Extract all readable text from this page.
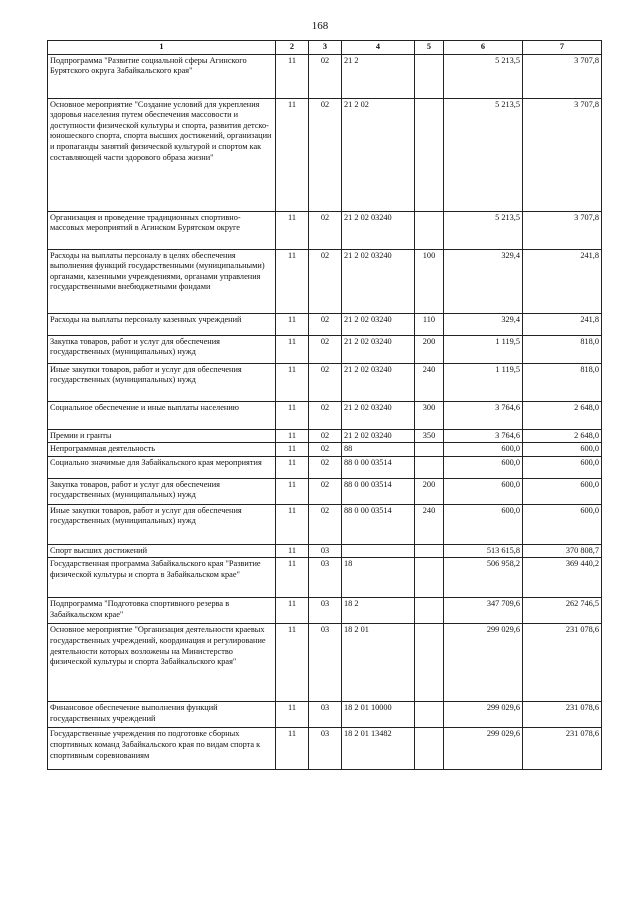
168
1	2	3	4	5	6	7
Подпрограмма "Развитие социальной сферы Агинского Бурятского округа Забайкальского края"	11	02	21 2		5 213,5	3 707,8
Основное мероприятие "Создание условий для укрепления здоровья населения путем обеспечения массовости и доступности физической культуры и спорта, развития детско-юношеского спорта, спорта высших достижений, организации и пропаганды занятий физической культурой и спортом как составляющей части здорового образа жизни"	11	02	21 2 02		5 213,5	3 707,8
Организация и проведение традиционных спортивно-массовых мероприятий в Агинском Бурятском округе	11	02	21 2 02 03240		5 213,5	3 707,8
Расходы на выплаты персоналу в целях обеспечения выполнения функций государственными (муниципальными) органами, казенными учреждениями, органами управления государственными внебюджетными фондами	11	02	21 2 02 03240	100	329,4	241,8
Расходы на выплаты персоналу казенных учреждений	11	02	21 2 02 03240	110	329,4	241,8
Закупка товаров, работ и услуг для обеспечения государственных (муниципальных) нужд	11	02	21 2 02 03240	200	1 119,5	818,0
Иные закупки товаров, работ и услуг для обеспечения государственных (муниципальных) нужд	11	02	21 2 02 03240	240	1 119,5	818,0
Социальное обеспечение и иные выплаты населению	11	02	21 2 02 03240	300	3 764,6	2 648,0
Премии и гранты	11	02	21 2 02 03240	350	3 764,6	2 648,0
Непрограммная деятельность	11	02	88		600,0	600,0
Социально значимые для Забайкальского края мероприятия	11	02	88 0 00 03514		600,0	600,0
Закупка товаров, работ и услуг для обеспечения государственных (муниципальных) нужд	11	02	88 0 00 03514	200	600,0	600,0
Иные закупки товаров, работ и услуг для обеспечения государственных (муниципальных) нужд	11	02	88 0 00 03514	240	600,0	600,0
Спорт высших достижений	11	03			513 615,8	370 808,7
Государственная программа Забайкальского края "Развитие физической культуры и спорта в Забайкальском крае"	11	03	18		506 958,2	369 440,2
Подпрограмма "Подготовка спортивного резерва в Забайкальском крае"	11	03	18 2		347 709,6	262 746,5
Основное мероприятие "Организация деятельности краевых государственных учреждений, координация и регулирование деятельности которых возложены на Министерство физической культуры и спорта Забайкальского края"	11	03	18 2 01		299 029,6	231 078,6
Финансовое обеспечение выполнения функций государственных учреждений	11	03	18 2 01 10000		299 029,6	231 078,6
Государственные учреждения по подготовке сборных спортивных команд Забайкальского края по видам спорта к спортивным соревнованиям	11	03	18 2 01 13482		299 029,6	231 078,6
